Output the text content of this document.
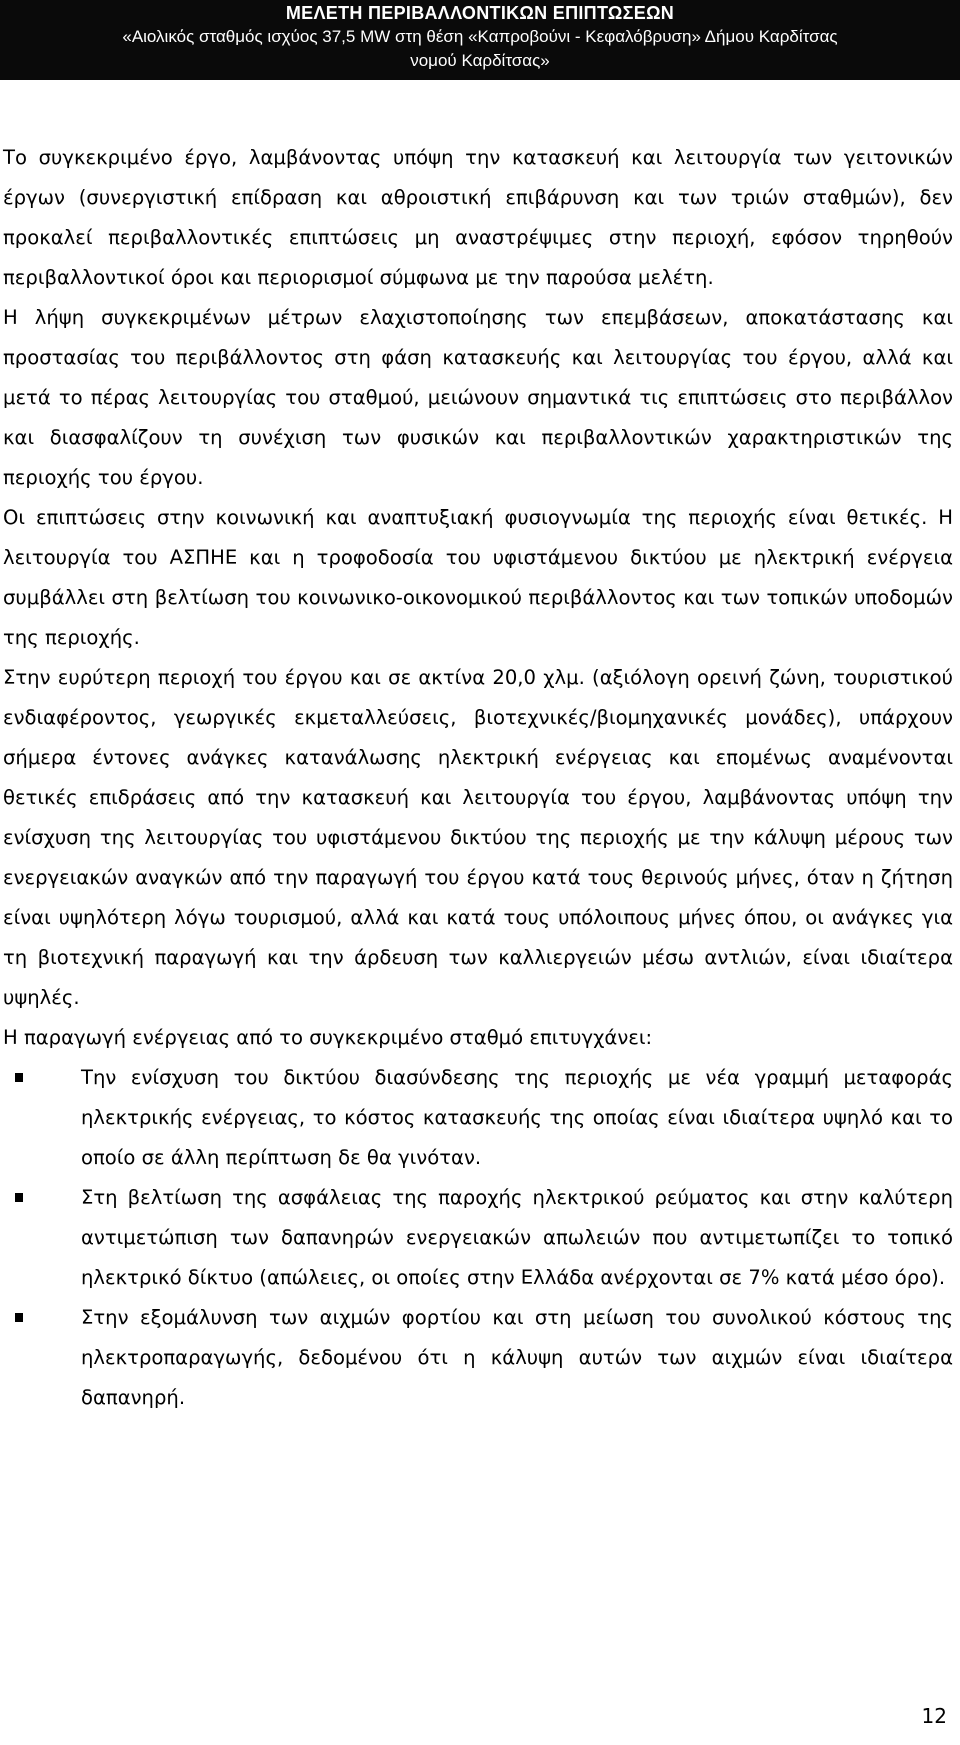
ΜΕΛΕΤΗ ΠΕΡΙΒΑΛΛΟΝΤΙΚΩΝ ΕΠΙΠΤΩΣΕΩΝ
«Αιολικός σταθμός ισχύος 37,5 MW στη θέση «Καπροβούνι - Κεφαλόβρυση» Δήμου Καρδίτσας
νομού Καρδίτσας»

Το συγκεκριμένο έργο, λαμβάνοντας υπόψη την κατασκευή και λειτουργία των γειτονικών έργων (συνεργιστική επίδραση και αθροιστική επιβάρυνση και των τριών σταθμών), δεν προκαλεί περιβαλλοντικές επιπτώσεις μη αναστρέψιμες στην περιοχή, εφόσον τηρηθούν περιβαλλοντικοί όροι και περιορισμοί σύμφωνα με την παρούσα μελέτη.

Η λήψη συγκεκριμένων μέτρων ελαχιστοποίησης των επεμβάσεων, αποκατάστασης και προστασίας του περιβάλλοντος στη φάση κατασκευής και λειτουργίας του έργου, αλλά και μετά το πέρας λειτουργίας του σταθμού, μειώνουν σημαντικά τις επιπτώσεις στο περιβάλλον και διασφαλίζουν τη συνέχιση των φυσικών και περιβαλλοντικών χαρακτηριστικών της περιοχής του έργου.

Οι επιπτώσεις στην κοινωνική και αναπτυξιακή φυσιογνωμία της περιοχής είναι θετικές. Η λειτουργία του ΑΣΠΗΕ και η τροφοδοσία του υφιστάμενου δικτύου με ηλεκτρική ενέργεια συμβάλλει στη βελτίωση του κοινωνικο-οικονομικού περιβάλλοντος και των τοπικών υποδομών της περιοχής.

Στην ευρύτερη περιοχή του έργου και σε ακτίνα 20,0 χλμ. (αξιόλογη ορεινή ζώνη, τουριστικού ενδιαφέροντος, γεωργικές εκμεταλλεύσεις, βιοτεχνικές/βιομηχανικές μονάδες), υπάρχουν σήμερα έντονες ανάγκες κατανάλωσης ηλεκτρική ενέργειας και επομένως αναμένονται θετικές επιδράσεις από την κατασκευή και λειτουργία του έργου, λαμβάνοντας υπόψη την ενίσχυση της λειτουργίας του υφιστάμενου δικτύου της περιοχής με την κάλυψη μέρους των ενεργειακών αναγκών από την παραγωγή του έργου κατά τους θερινούς μήνες, όταν η ζήτηση είναι υψηλότερη λόγω τουρισμού, αλλά και κατά τους υπόλοιπους μήνες όπου, οι ανάγκες για τη βιοτεχνική παραγωγή και την άρδευση των καλλιεργειών μέσω αντλιών, είναι ιδιαίτερα υψηλές.

Η παραγωγή ενέργειας από το συγκεκριμένο σταθμό επιτυγχάνει:

Την ενίσχυση του δικτύου διασύνδεσης της περιοχής με νέα γραμμή μεταφοράς ηλεκτρικής ενέργειας, το κόστος κατασκευής της οποίας είναι ιδιαίτερα υψηλό και το οποίο σε άλλη περίπτωση δε θα γινόταν.
Στη βελτίωση της ασφάλειας της παροχής ηλεκτρικού ρεύματος και στην καλύτερη αντιμετώπιση των δαπανηρών ενεργειακών απωλειών που αντιμετωπίζει το τοπικό ηλεκτρικό δίκτυο (απώλειες, οι οποίες στην Ελλάδα ανέρχονται σε 7% κατά μέσο όρο).
Στην εξομάλυνση των αιχμών φορτίου και στη μείωση του συνολικού κόστους της ηλεκτροπαραγωγής, δεδομένου ότι η κάλυψη αυτών των αιχμών είναι ιδιαίτερα δαπανηρή.
12
